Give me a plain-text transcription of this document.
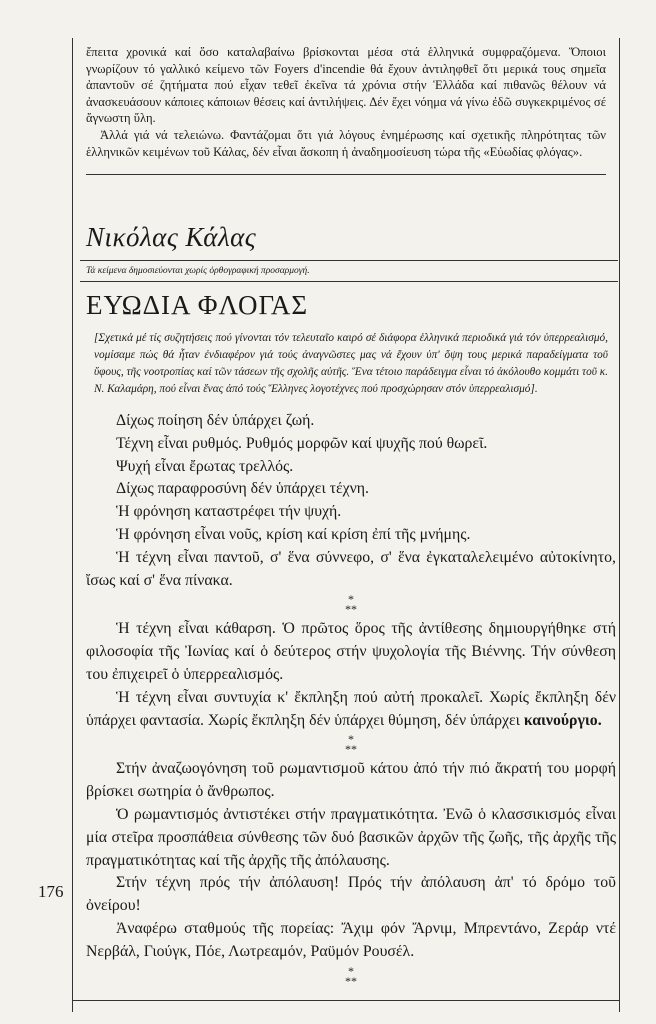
ἔπειτα χρονικά καί ὅσο καταλαβαίνω βρίσκονται μέσα στά ἑλληνικά συμφραζόμενα. Ὅποιοι γνωρίζουν τό γαλλικό κείμενο τῶν Foyers d'incendie θά ἔχουν ἀντιληφθεῖ ὅτι μερικά τους σημεῖα ἀπαντοῦν σέ ζητήματα πού εἶχαν τεθεῖ ἐκεῖνα τά χρόνια στήν Ἑλλάδα καί πιθανῶς θέλουν νά ἀνασκευάσουν κάποιες κάποιων θέσεις καί ἀντιλήψεις. Δέν ἔχει νόημα νά γίνω ἐδῶ συγκεκριμένος σέ ἄγνωστη ὕλη.

Ἀλλά γιά νά τελειώνω. Φαντάζομαι ὅτι γιά λόγους ἐνημέρωσης καί σχετικῆς πληρότητας τῶν ἑλληνικῶν κειμένων τοῦ Κάλας, δέν εἶναι ἄσκοπη ἡ ἀναδημοσίευση τώρα τῆς «Εὐωδίας φλόγας».

Νικόλας Κάλας
Τά κείμενα δημοσιεύονται χωρίς ὀρθογραφική προσαρμογή.
ΕΥΩΔΙΑ ΦΛΟΓΑΣ
[Σχετικά μέ τίς συζητήσεις πού γίνονται τόν τελευταῖο καιρό σέ διάφορα ἑλληνικά περιοδικά γιά τόν ὑπερρεαλισμό, νομίσαμε πώς θά ἦταν ἐνδιαφέρον γιά τούς ἀναγνῶστες μας νά ἔχουν ὑπ' ὄψη τους μερικά παραδείγματα τοῦ ὕφους, τῆς νοοτροπίας καί τῶν τάσεων τῆς σχολῆς αὐτῆς. Ἕνα τέτοιο παράδειγμα εἶναι τό ἀκόλουθο κομμάτι τοῦ κ. Ν. Καλαμάρη, πού εἶναι ἕνας ἀπό τούς Ἕλληνες λογοτέχνες πού προσχώρησαν στόν ὑπερρεαλισμό].

Δίχως ποίηση δέν ὑπάρχει ζωή.

Τέχνη εἶναι ρυθμός. Ρυθμός μορφῶν καί ψυχῆς πού θωρεῖ.

Ψυχή εἶναι ἔρωτας τρελλός.

Δίχως παραφροσύνη δέν ὑπάρχει τέχνη.

Ἡ φρόνηση καταστρέφει τήν ψυχή.

Ἡ φρόνηση εἶναι νοῦς, κρίση καί κρίση ἐπί τῆς μνήμης.

Ἡ τέχνη εἶναι παντοῦ, σ' ἕνα σύννεφο, σ' ἕνα ἐγκαταλελειμένο αὐτοκίνητο, ἴσως καί σ' ἕνα πίνακα.

*
**

Ἡ τέχνη εἶναι κάθαρση. Ὁ πρῶτος ὅρος τῆς ἀντίθεσης δημιουργήθηκε στή φιλοσοφία τῆς Ἰωνίας καί ὁ δεύτερος στήν ψυχολογία τῆς Βιέννης. Τήν σύνθεση του ἐπιχειρεῖ ὁ ὑπερρεαλισμός.

Ἡ τέχνη εἶναι συντυχία κ' ἔκπληξη πού αὐτή προκαλεῖ. Χωρίς ἔκπληξη δέν ὑπάρχει φαντασία. Χωρίς ἔκπληξη δέν ὑπάρχει θύμηση, δέν ὑπάρχει καινούργιο.

*
**

Στήν ἀναζωογόνηση τοῦ ρωμαντισμοῦ κάτου ἀπό τήν πιό ἄκρατή του μορφή βρίσκει σωτηρία ὁ ἄνθρωπος.

Ὁ ρωμαντισμός ἀντιστέκει στήν πραγματικότητα. Ἐνῶ ὁ κλασσικισμός εἶναι μία στεῖρα προσπάθεια σύνθεσης τῶν δυό βασικῶν ἀρχῶν τῆς ζωῆς, τῆς ἀρχῆς τῆς πραγματικότητας καί τῆς ἀρχῆς τῆς ἀπόλαυσης.

Στήν τέχνη πρός τήν ἀπόλαυση! Πρός τήν ἀπόλαυση ἀπ' τό δρόμο τοῦ ὀνείρου!

Ἀναφέρω σταθμούς τῆς πορείας: Ἄχιμ φόν Ἄρνιμ, Μπρεντάνο, Ζεράρ ντέ Νερβάλ, Γιούγκ, Πόε, Λωτρεαμόν, Ραϋμόν Ρουσέλ.

*
**
176
